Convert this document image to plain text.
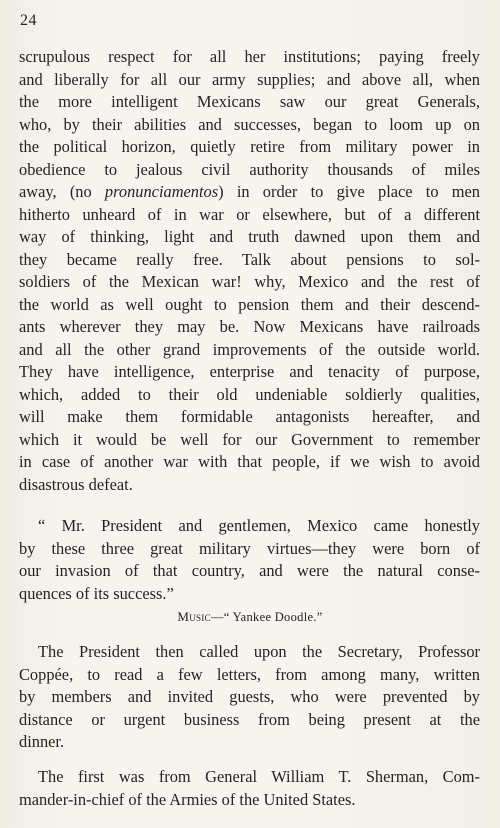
24
scrupulous respect for all her institutions; paying freely
and liberally for all our army supplies; and above all, when
the more intelligent Mexicans saw our great Generals,
who, by their abilities and successes, began to loom up on
the political horizon, quietly retire from military power in
obedience to jealous civil authority thousands of miles
away, (no pronunciamentos) in order to give place to men
hitherto unheard of in war or elsewhere, but of a different
way of thinking, light and truth dawned upon them and
they became really free. Talk about pensions to sol-
soldiers of the Mexican war! why, Mexico and the rest of
the world as well ought to pension them and their descend-
ants wherever they may be. Now Mexicans have railroads
and all the other grand improvements of the outside world.
They have intelligence, enterprise and tenacity of purpose,
which, added to their old undeniable soldierly qualities,
will make them formidable antagonists hereafter, and
which it would be well for our Government to remember
in case of another war with that people, if we wish to avoid
disastrous defeat.
“ Mr. President and gentlemen, Mexico came honestly
by these three great military virtues—they were born of
our invasion of that country, and were the natural conse-
quences of its success.”
Music—“ Yankee Doodle.”
The President then called upon the Secretary, Professor
Coppée, to read a few letters, from among many, written
by members and invited guests, who were prevented by
distance or urgent business from being present at the
dinner.
The first was from General William T. Sherman, Com-
mander-in-chief of the Armies of the United States.
